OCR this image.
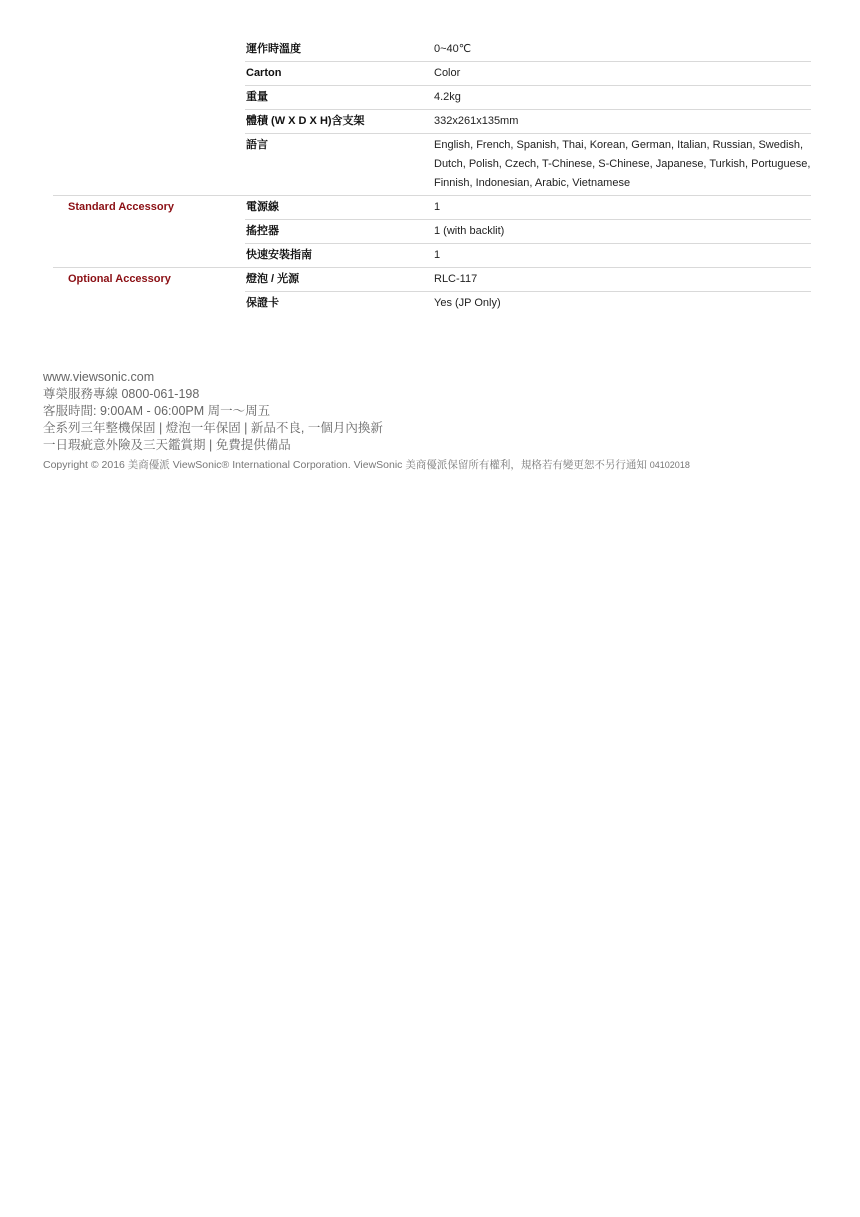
運作時溫度	0~40℃
Carton	Color
重量	4.2kg
體積 (W X D X H)含支架	332x261x135mm
語言	English, French, Spanish, Thai, Korean, German, Italian, Russian, Swedish, Dutch, Polish, Czech, T-Chinese, S-Chinese, Japanese, Turkish, Portuguese, Finnish, Indonesian, Arabic, Vietnamese
Standard Accessory	電源線	1
搖控器	1 (with backlit)
快速安裝指南	1
Optional Accessory	燈泡 / 光源	RLC-117
保證卡	Yes (JP Only)
www.viewsonic.com
尊榮服務專線 0800-061-198
客服時間: 9:00AM - 06:00PM 周一～周五
全系列三年整機保固 | 燈泡一年保固 | 新品不良, 一個月內換新
一日瑕疵意外險及三天鑑賞期 | 免費提供備品
Copyright © 2016 美商優派 ViewSonic® International Corporation. ViewSonic 美商優派保留所有權利，規格若有變更恕不另行通知 04102018
